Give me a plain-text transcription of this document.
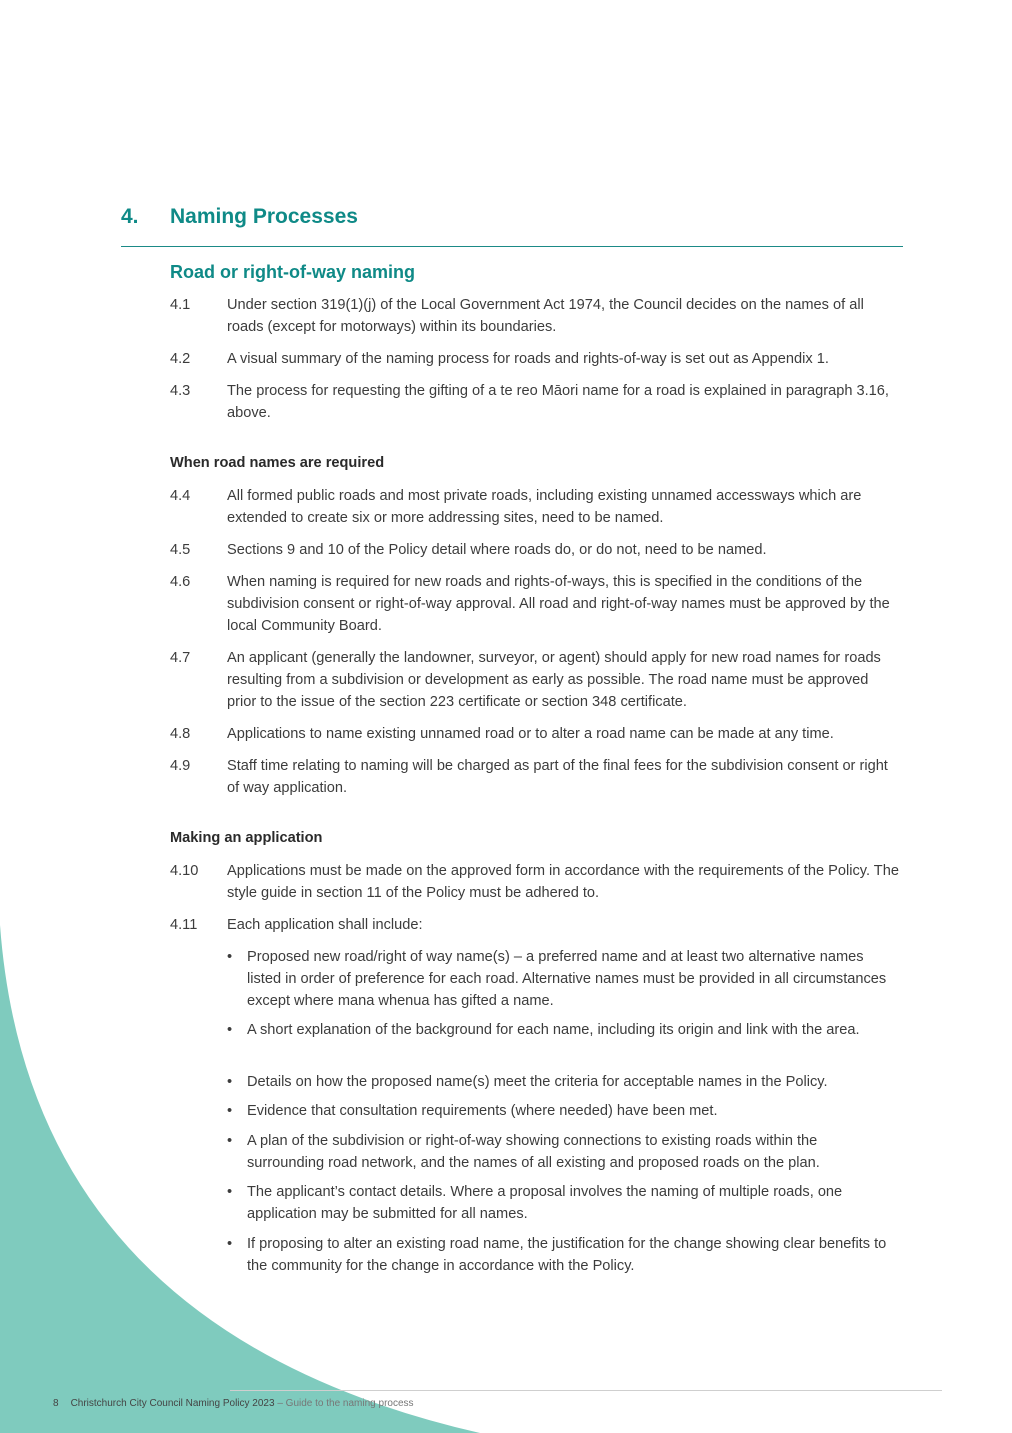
4.	Naming Processes
Road or right-of-way naming
4.1	Under section 319(1)(j) of the Local Government Act 1974, the Council decides on the names of all roads (except for motorways) within its boundaries.
4.2	A visual summary of the naming process for roads and rights-of-way is set out as Appendix 1.
4.3	The process for requesting the gifting of a te reo Māori name for a road is explained in paragraph 3.16, above.
When road names are required
4.4	All formed public roads and most private roads, including existing unnamed accessways which are extended to create six or more addressing sites, need to be named.
4.5	Sections 9 and 10 of the Policy detail where roads do, or do not, need to be named.
4.6	When naming is required for new roads and rights-of-ways, this is specified in the conditions of the subdivision consent or right-of-way approval. All road and right-of-way names must be approved by the local Community Board.
4.7	An applicant (generally the landowner, surveyor, or agent) should apply for new road names for roads resulting from a subdivision or development as early as possible. The road name must be approved prior to the issue of the section 223 certificate or section 348 certificate.
4.8	Applications to name existing unnamed road or to alter a road name can be made at any time.
4.9	Staff time relating to naming will be charged as part of the final fees for the subdivision consent or right of way application.
Making an application
4.10	Applications must be made on the approved form in accordance with the requirements of the Policy. The style guide in section 11 of the Policy must be adhered to.
4.11	Each application shall include:
•	Proposed new road/right of way name(s) – a preferred name and at least two alternative names listed in order of preference for each road. Alternative names must be provided in all circumstances except where mana whenua has gifted a name.
•	A short explanation of the background for each name, including its origin and link with the area.
•	Details on how the proposed name(s) meet the criteria for acceptable names in the Policy.
•	Evidence that consultation requirements (where needed) have been met.
•	A plan of the subdivision or right-of-way showing connections to existing roads within the surrounding road network, and the names of all existing and proposed roads on the plan.
•	The applicant’s contact details. Where a proposal involves the naming of multiple roads, one application may be submitted for all names.
•	If proposing to alter an existing road name, the justification for the change showing clear benefits to the community for the change in accordance with the Policy.
8 Christchurch City Council Naming Policy 2023 – Guide to the naming process
